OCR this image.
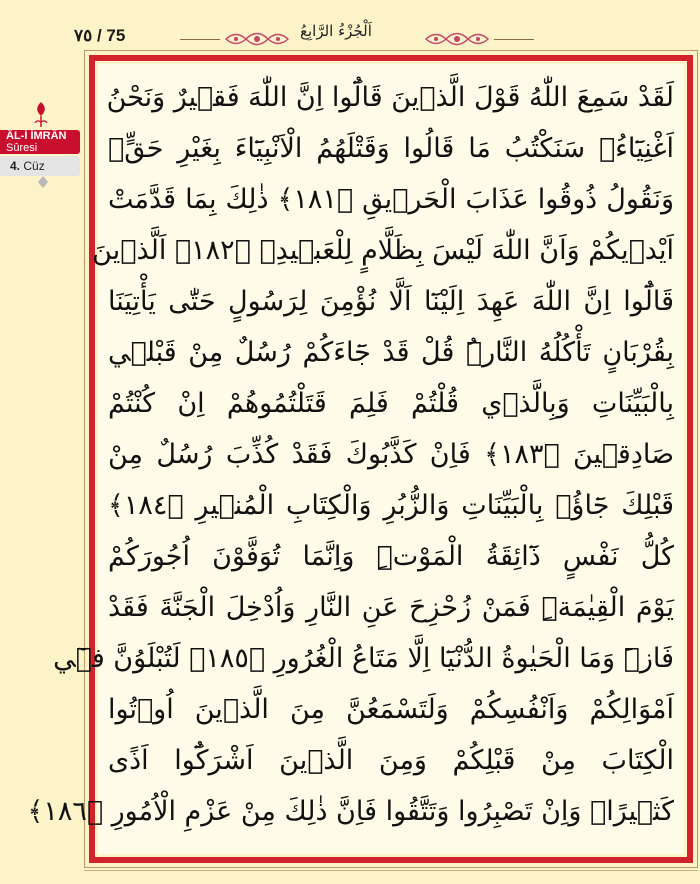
٧٥ / 75	اَلْجُزْءُ الرَّابِعُ
ÂL-İ İMRÂN
Sûresi
4. Cüz
لَقَدْ سَمِعَ اللّٰهُ قَوْلَ الَّذ۪ينَ قَالُٓوا اِنَّ اللّٰهَ فَق۪يرٌ وَنَحْنُ
اَغْنِيَٓاءُۢ سَنَكْتُبُ مَا قَالُوا وَقَتْلَهُمُ الْاَنْبِيَٓاءَ بِغَيْرِ حَقٍّۙ
وَنَقُولُ ذُوقُوا عَذَابَ الْحَر۪يقِ ﴿١٨١﴾ ذٰلِكَ بِمَا قَدَّمَتْ
اَيْد۪يكُمْ وَاَنَّ اللّٰهَ لَيْسَ بِظَلَّامٍ لِلْعَب۪يدِۚ ﴿١٨٢﴾ اَلَّذ۪ينَ
قَالُٓوا اِنَّ اللّٰهَ عَهِدَ اِلَيْنَٓا اَلَّا نُؤْمِنَ لِرَسُولٍ حَتّٰى يَأْتِيَنَا
بِقُرْبَانٍ تَأْكُلُهُ النَّارُۜ قُلْ قَدْ جَٓاءَكُمْ رُسُلٌ مِنْ قَبْل۪ي
بِالْبَيِّنَاتِ وَبِالَّذ۪ي قُلْتُمْ فَلِمَ قَتَلْتُمُوهُمْ اِنْ كُنْتُمْ
صَادِق۪ينَ ﴿١٨٣﴾ فَاِنْ كَذَّبُوكَ فَقَدْ كُذِّبَ رُسُلٌ مِنْ
قَبْلِكَ جَٓاؤُ۫ بِالْبَيِّنَاتِ وَالزُّبُرِ وَالْكِتَابِ الْمُن۪يرِ ﴿١٨٤﴾
كُلُّ نَفْسٍ ذَٓائِقَةُ الْمَوْتِۜ وَاِنَّمَا تُوَفَّوْنَ اُجُورَكُمْ
يَوْمَ الْقِيٰمَةِۜ فَمَنْ زُحْزِحَ عَنِ النَّارِ وَاُدْخِلَ الْجَنَّةَ فَقَدْ
فَازَۜ وَمَا الْحَيٰوةُ الدُّنْيَٓا اِلَّا مَتَاعُ الْغُرُورِ ﴿١٨٥﴾ لَتُبْلَوُنَّ ف۪ٓي
اَمْوَالِكُمْ وَاَنْفُسِكُمْ وَلَتَسْمَعُنَّ مِنَ الَّذ۪ينَ اُو۫تُوا
الْكِتَابَ مِنْ قَبْلِكُمْ وَمِنَ الَّذ۪ينَ اَشْرَكُٓوا اَذًى
كَث۪يرًاۜ وَاِنْ تَصْبِرُوا وَتَتَّقُوا فَاِنَّ ذٰلِكَ مِنْ عَزْمِ الْاُمُورِ ﴿١٨٦﴾
